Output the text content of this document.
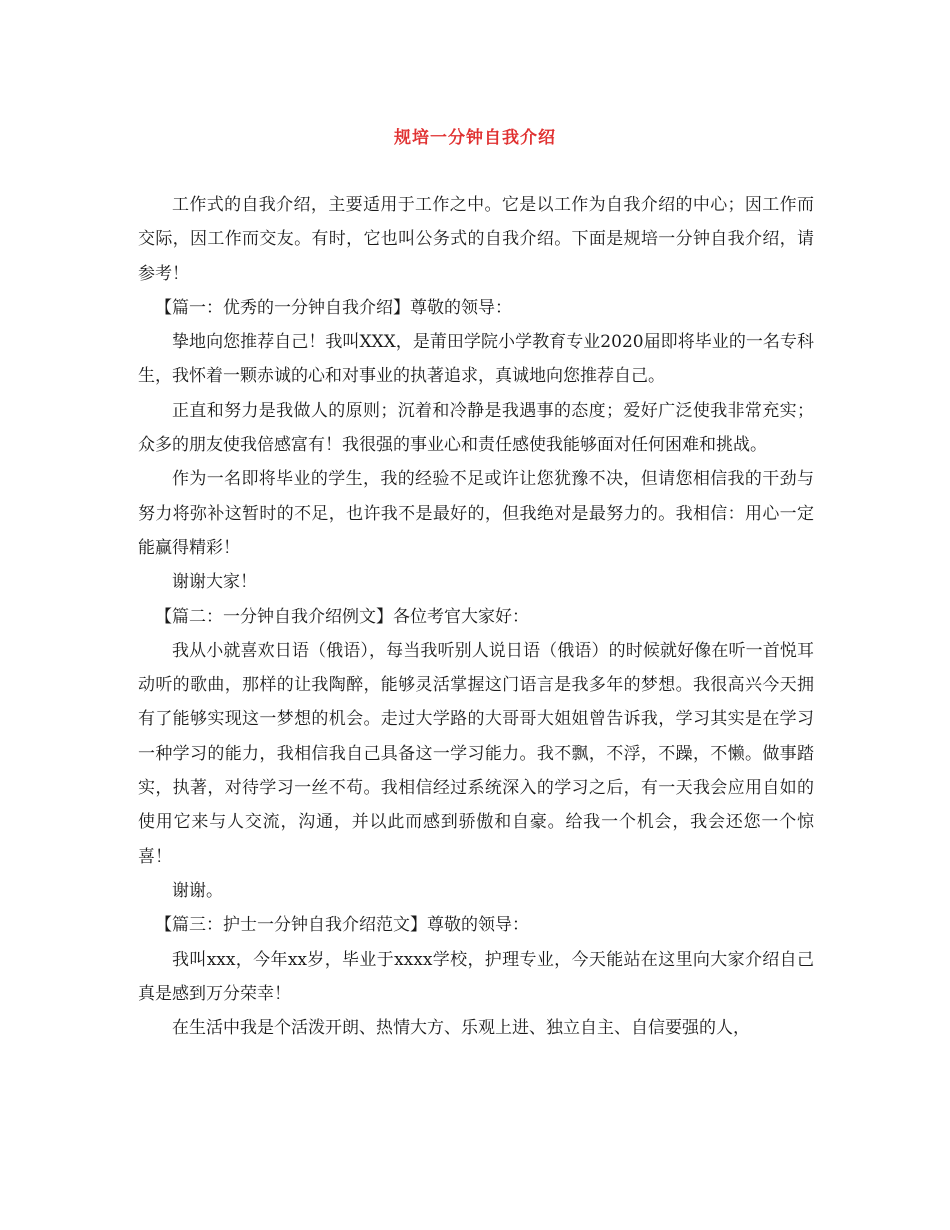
规培一分钟自我介绍

工作式的自我介绍，主要适用于工作之中。它是以工作为自我介绍的中心；因工作而交际，因工作而交友。有时，它也叫公务式的自我介绍。下面是规培一分钟自我介绍，请参考！

【篇一：优秀的一分钟自我介绍】尊敬的领导：

挚地向您推荐自己！我叫XXX，是莆田学院小学教育专业2020届即将毕业的一名专科生，我怀着一颗赤诚的心和对事业的执著追求，真诚地向您推荐自己。

正直和努力是我做人的原则；沉着和冷静是我遇事的态度；爱好广泛使我非常充实；众多的朋友使我倍感富有！我很强的事业心和责任感使我能够面对任何困难和挑战。

作为一名即将毕业的学生，我的经验不足或许让您犹豫不决，但请您相信我的干劲与努力将弥补这暂时的不足，也许我不是最好的，但我绝对是最努力的。我相信：用心一定能赢得精彩！

谢谢大家！

【篇二：一分钟自我介绍例文】各位考官大家好：

我从小就喜欢日语（俄语），每当我听别人说日语（俄语）的时候就好像在听一首悦耳动听的歌曲，那样的让我陶醉，能够灵活掌握这门语言是我多年的梦想。我很高兴今天拥有了能够实现这一梦想的机会。走过大学路的大哥哥大姐姐曾告诉我，学习其实是在学习一种学习的能力，我相信我自己具备这一学习能力。我不飘，不浮，不躁，不懒。做事踏实，执著，对待学习一丝不苟。我相信经过系统深入的学习之后，有一天我会应用自如的使用它来与人交流，沟通，并以此而感到骄傲和自豪。给我一个机会，我会还您一个惊喜！

谢谢。

【篇三：护士一分钟自我介绍范文】尊敬的领导：

我叫xxx，今年xx岁，毕业于xxxx学校，护理专业，今天能站在这里向大家介绍自己真是感到万分荣幸！

在生活中我是个活泼开朗、热情大方、乐观上进、独立自主、自信要强的人，
